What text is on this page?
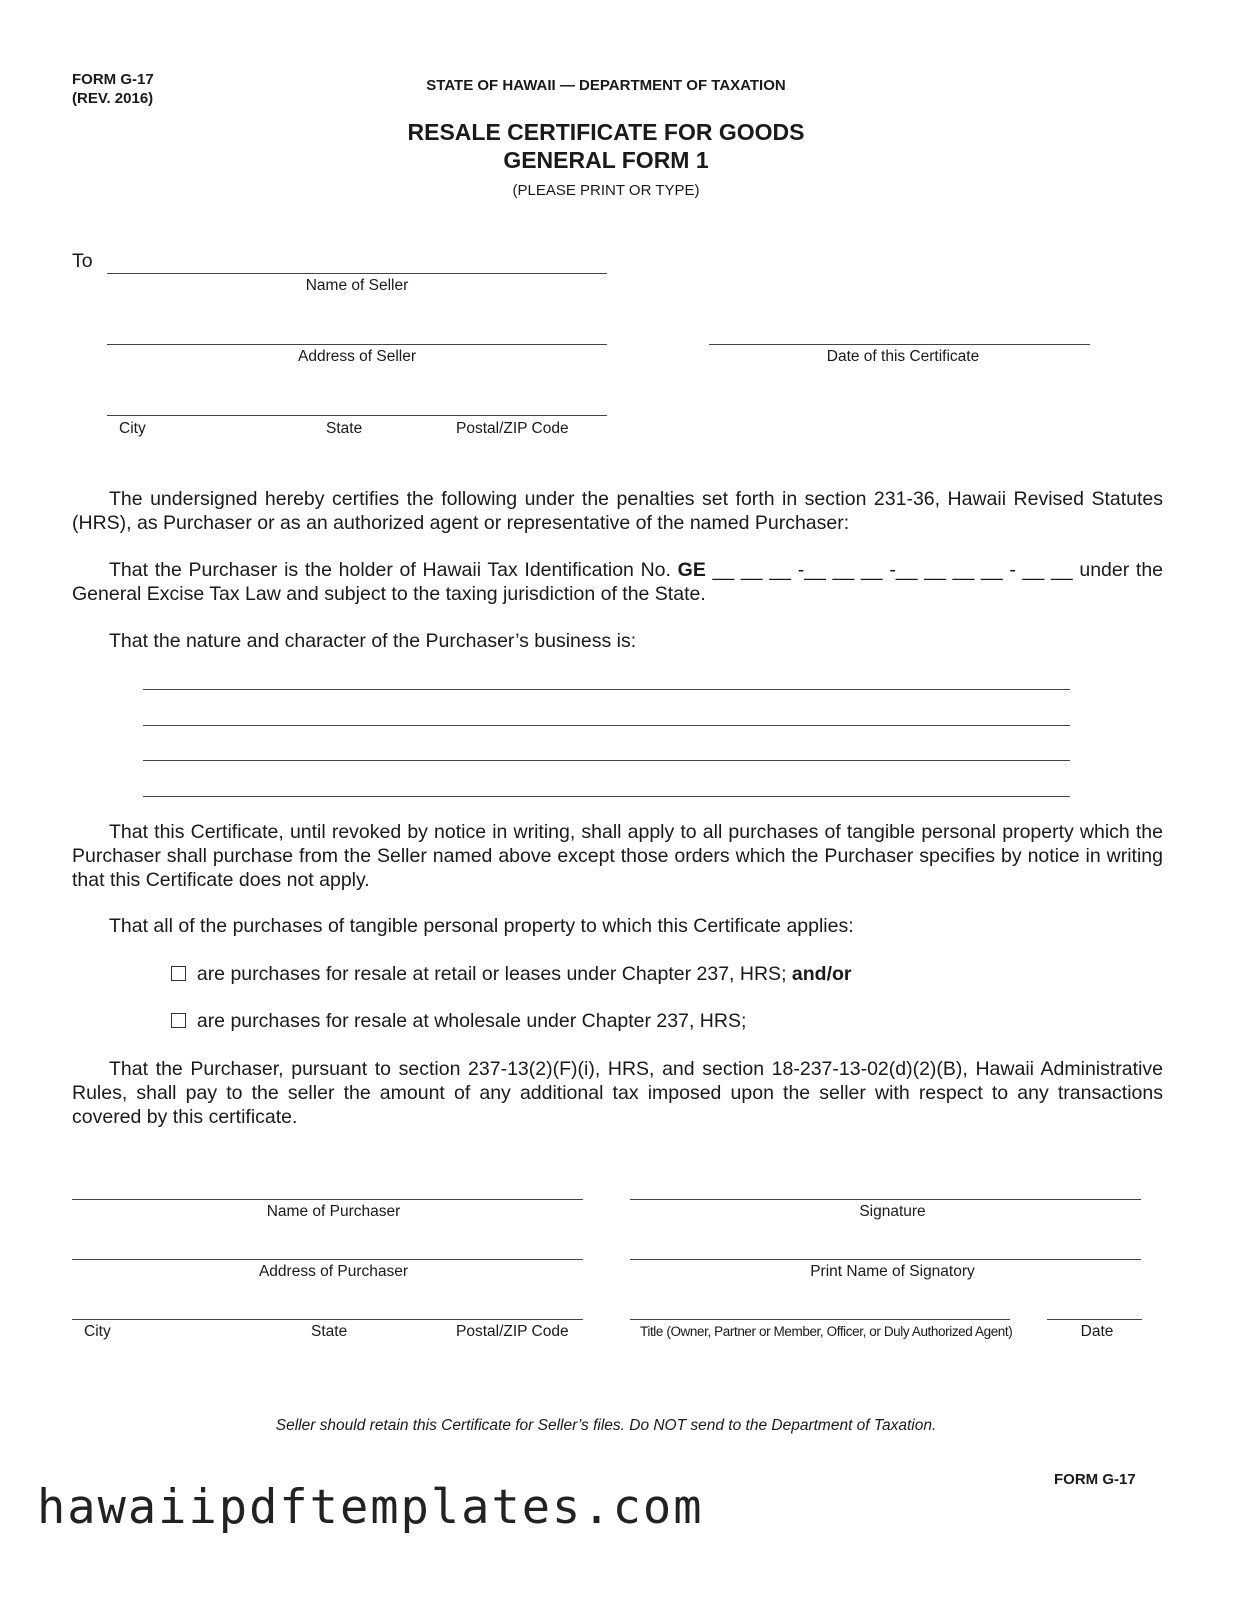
FORM G-17
(REV. 2016)
STATE OF HAWAII — DEPARTMENT OF TAXATION
RESALE CERTIFICATE FOR GOODS
GENERAL FORM 1
(PLEASE PRINT OR TYPE)
To
Name of Seller
Address of Seller	Date of this Certificate
City	State	Postal/ZIP Code
The undersigned hereby certifies the following under the penalties set forth in section 231-36, Hawaii Revised Statutes (HRS), as Purchaser or as an authorized agent or representative of the named Purchaser:
That the Purchaser is the holder of Hawaii Tax Identification No. GE __ __ __ -__ __ __ -__ __ __ __ - __ __ under the General Excise Tax Law and subject to the taxing jurisdiction of the State.
That the nature and character of the Purchaser’s business is:
That this Certificate, until revoked by notice in writing, shall apply to all purchases of tangible personal property which the Purchaser shall purchase from the Seller named above except those orders which the Purchaser specifies by notice in writing that this Certificate does not apply.
That all of the purchases of tangible personal property to which this Certificate applies:
are purchases for resale at retail or leases under Chapter 237, HRS; and/or
are purchases for resale at wholesale under Chapter 237, HRS;
That the Purchaser, pursuant to section 237-13(2)(F)(i), HRS, and section 18-237-13-02(d)(2)(B), Hawaii Administrative Rules, shall pay to the seller the amount of any additional tax imposed upon the seller with respect to any transactions covered by this certificate.
Name of Purchaser	Signature
Address of Purchaser	Print Name of Signatory
City	State	Postal/ZIP Code	Title (Owner, Partner or Member, Officer, or Duly Authorized Agent)	Date
Seller should retain this Certificate for Seller’s files. Do NOT send to the Department of Taxation.
FORM G-17
hawaiipdftemplates.com
